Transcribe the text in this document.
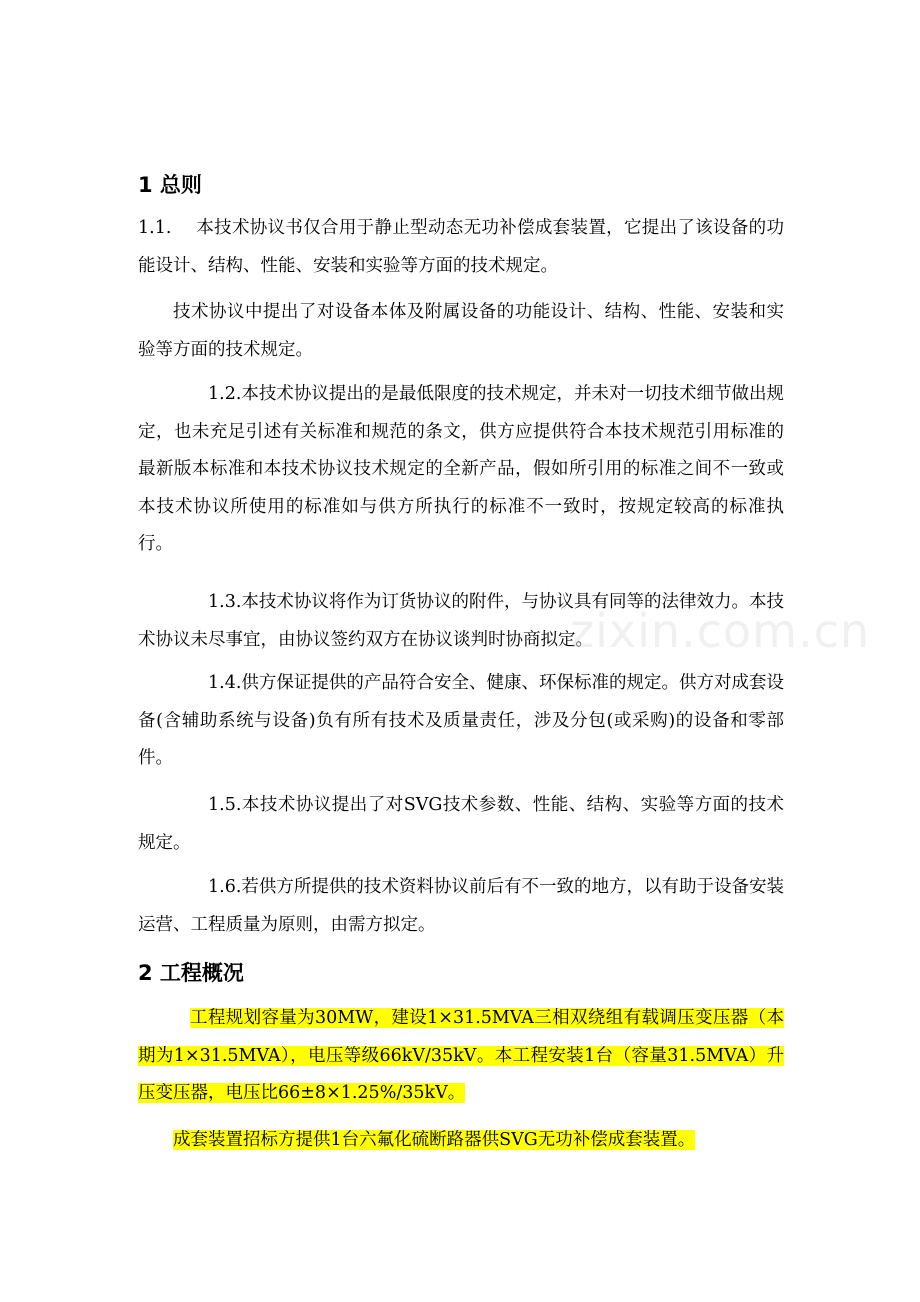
1 总则
1.1. 本技术协议书仅合用于静止型动态无功补偿成套装置，它提出了该设备的功能设计、结构、性能、安装和实验等方面的技术规定。
技术协议中提出了对设备本体及附属设备的功能设计、结构、性能、安装和实验等方面的技术规定。
1.2.本技术协议提出的是最低限度的技术规定，并未对一切技术细节做出规定，也未充足引述有关标准和规范的条文，供方应提供符合本技术规范引用标准的最新版本标准和本技术协议技术规定的全新产品，假如所引用的标准之间不一致或本技术协议所使用的标准如与供方所执行的标准不一致时，按规定较高的标准执行。
1.3.本技术协议将作为订货协议的附件，与协议具有同等的法律效力。本技术协议未尽事宜，由协议签约双方在协议谈判时协商拟定。
1.4.供方保证提供的产品符合安全、健康、环保标准的规定。供方对成套设备(含辅助系统与设备)负有所有技术及质量责任，涉及分包(或采购)的设备和零部件。
1.5.本技术协议提出了对SVG技术参数、性能、结构、实验等方面的技术规定。
1.6.若供方所提供的技术资料协议前后有不一致的地方，以有助于设备安装运营、工程质量为原则，由需方拟定。
2 工程概况
工程规划容量为30MW，建设1×31.5MVA三相双绕组有载调压变压器（本期为1×31.5MVA），电压等级66kV/35kV。本工程安装1台（容量31.5MVA）升压变压器，电压比66±8×1.25%/35kV。
成套装置招标方提供1台六氟化硫断路器供SVG无功补偿成套装置。
zixin.com.cn
